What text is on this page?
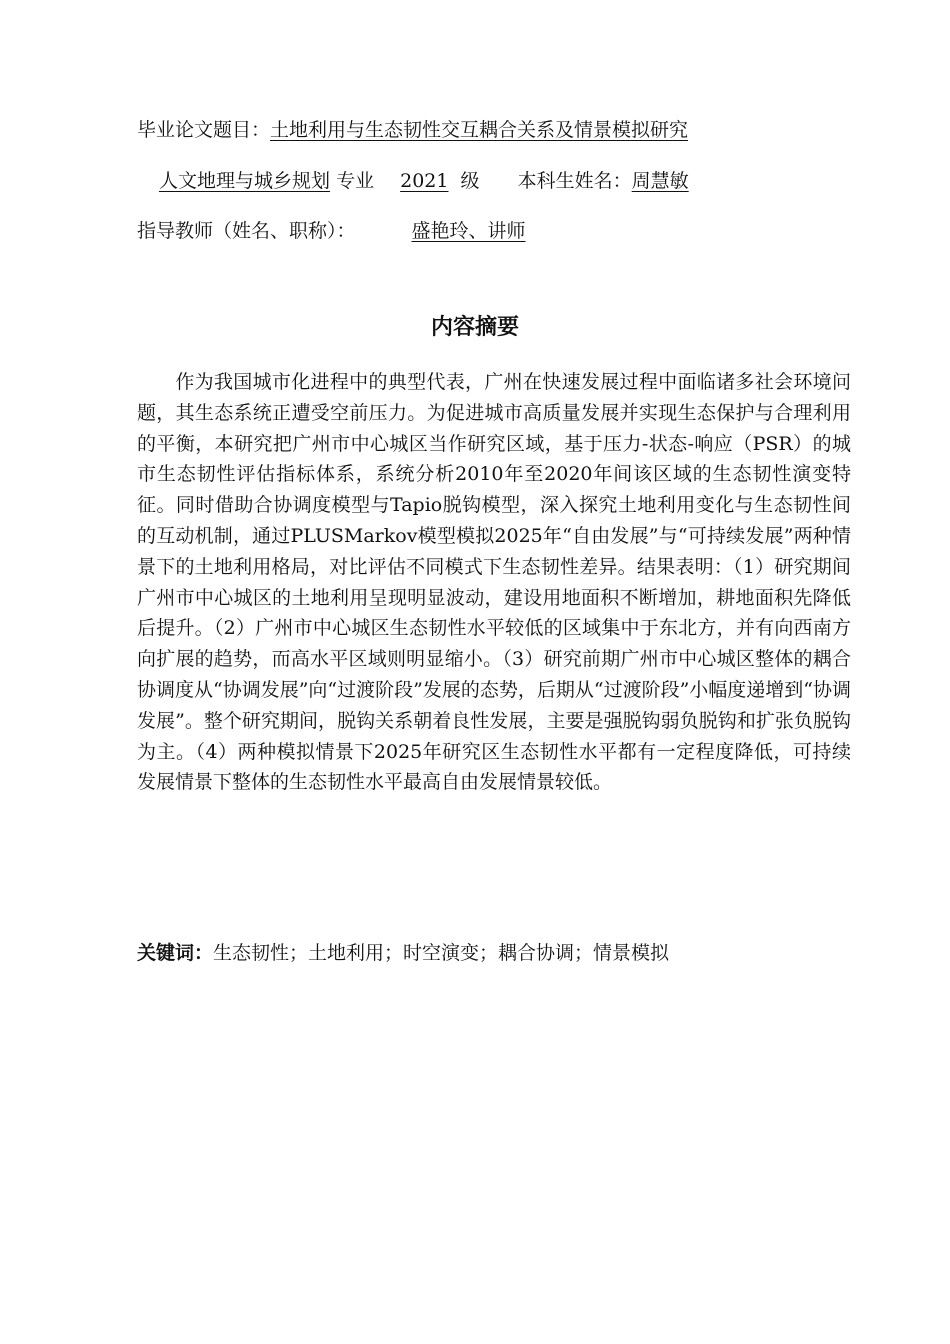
毕业论文题目：土地利用与生态韧性交互耦合关系及情景模拟研究
人文地理与城乡规划 专业 2021 级 本科生姓名：周慧敏
指导教师（姓名、职称）：	盛艳玲、讲师
内容摘要

作为我国城市化进程中的典型代表，广州在快速发展过程中面临诸多社会环境问题，其生态系统正遭受空前压力。为促进城市高质量发展并实现生态保护与合理利用的平衡，本研究把广州市中心城区当作研究区域，基于压力-状态-响应（PSR）的城市生态韧性评估指标体系，系统分析2010年至2020年间该区域的生态韧性演变特征。同时借助合协调度模型与Tapio脱钩模型，深入探究土地利用变化与生态韧性间的互动机制，通过PLUSMarkov模型模拟2025年“自由发展”与“可持续发展”两种情景下的土地利用格局，对比评估不同模式下生态韧性差异。结果表明：（1）研究期间广州市中心城区的土地利用呈现明显波动，建设用地面积不断增加，耕地面积先降低后提升。（2）广州市中心城区生态韧性水平较低的区域集中于东北方，并有向西南方向扩展的趋势，而高水平区域则明显缩小。（3）研究前期广州市中心城区整体的耦合协调度从“协调发展”向“过渡阶段”发展的态势，后期从“过渡阶段”小幅度递增到“协调发展”。整个研究期间，脱钩关系朝着良性发展，主要是强脱钩弱负脱钩和扩张负脱钩为主。（4）两种模拟情景下2025年研究区生态韧性水平都有一定程度降低，可持续发展情景下整体的生态韧性水平最高自由发展情景较低。

关键词：生态韧性；土地利用；时空演变；耦合协调；情景模拟
